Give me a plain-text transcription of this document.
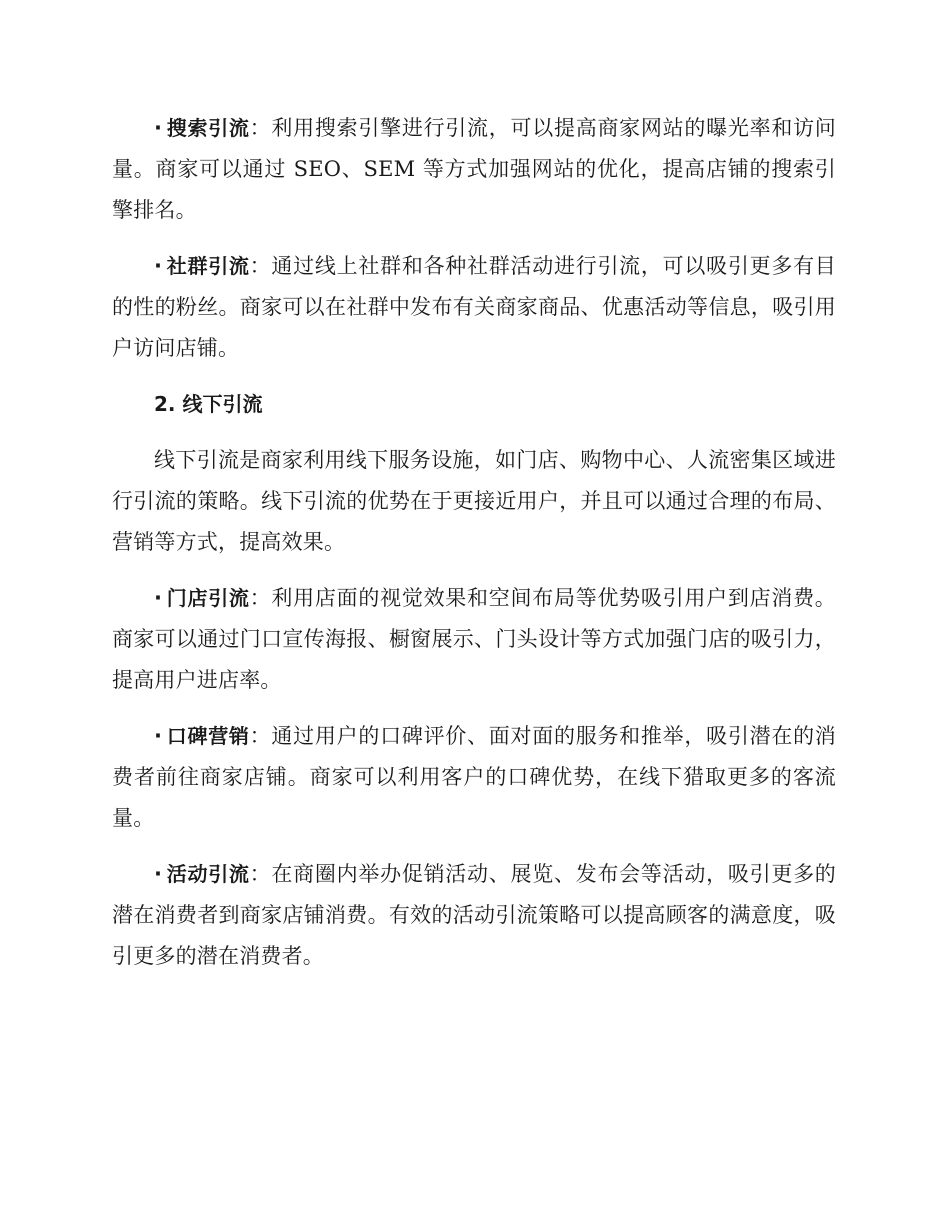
· 搜索引流：利用搜索引擎进行引流，可以提高商家网站的曝光率和访问量。商家可以通过 SEO、SEM 等方式加强网站的优化，提高店铺的搜索引擎排名。

· 社群引流：通过线上社群和各种社群活动进行引流，可以吸引更多有目的性的粉丝。商家可以在社群中发布有关商家商品、优惠活动等信息，吸引用户访问店铺。

2. 线下引流

线下引流是商家利用线下服务设施，如门店、购物中心、人流密集区域进行引流的策略。线下引流的优势在于更接近用户，并且可以通过合理的布局、营销等方式，提高效果。

· 门店引流：利用店面的视觉效果和空间布局等优势吸引用户到店消费。商家可以通过门口宣传海报、橱窗展示、门头设计等方式加强门店的吸引力，提高用户进店率。

· 口碑营销：通过用户的口碑评价、面对面的服务和推举，吸引潜在的消费者前往商家店铺。商家可以利用客户的口碑优势，在线下猎取更多的客流量。

· 活动引流：在商圈内举办促销活动、展览、发布会等活动，吸引更多的潜在消费者到商家店铺消费。有效的活动引流策略可以提高顾客的满意度，吸引更多的潜在消费者。
